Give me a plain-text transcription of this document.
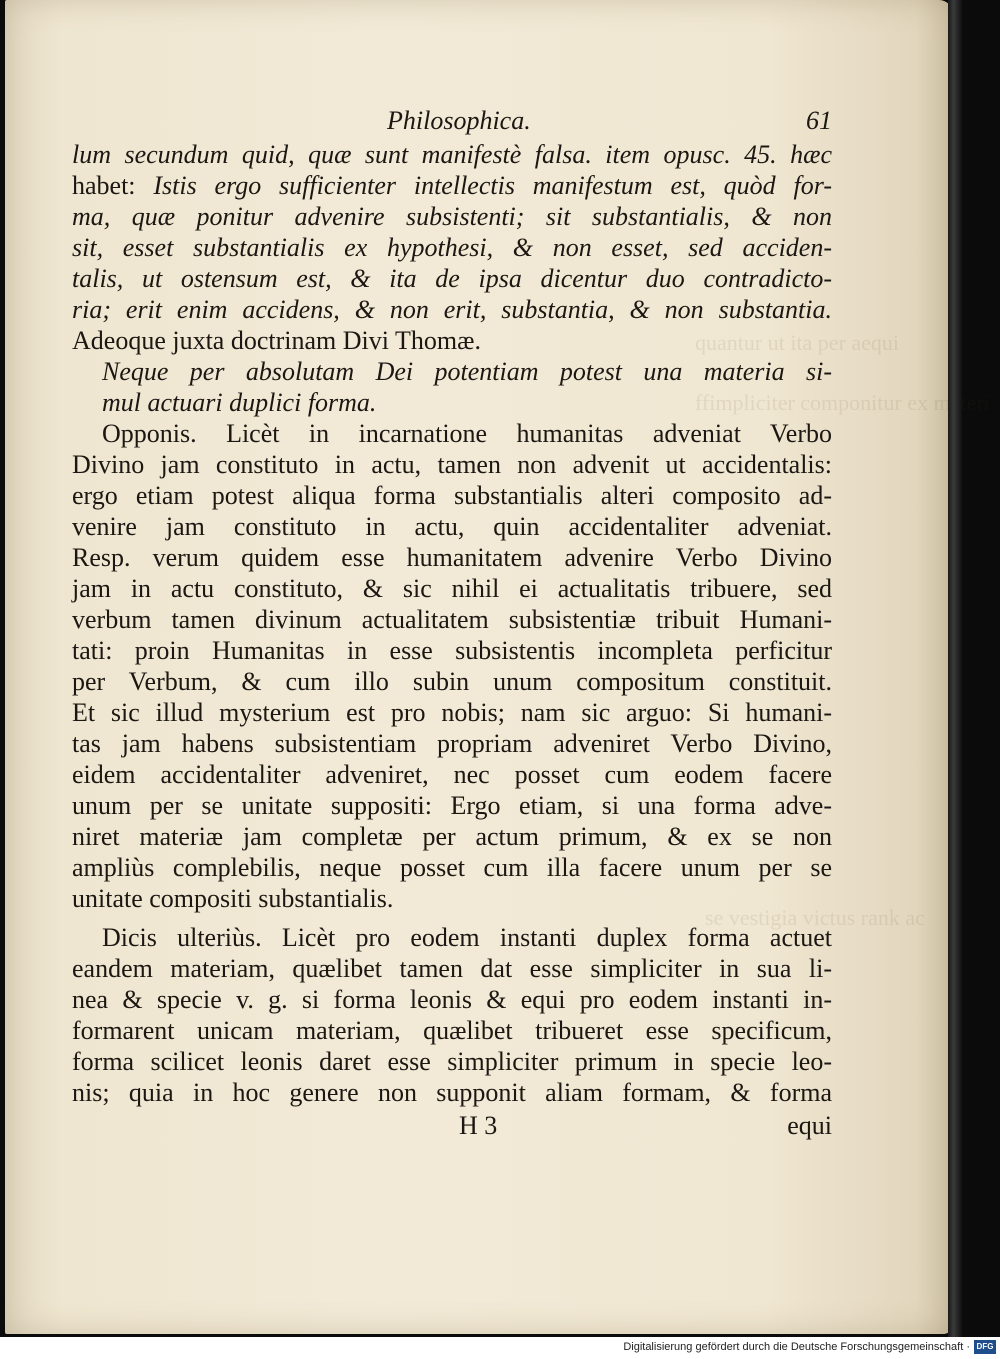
quantur ut ita per aequi
ffimpliciter componitur ex materi
se vestigia victus rank ac
Philosophica.	61
lum secundum quid, quæ sunt manifestè falsa. item opusc. 45. hæc
habet: Istis ergo sufficienter intellectis manifestum est, quòd for-
ma, quæ ponitur advenire subsistenti; sit substantialis, & non
sit, esset substantialis ex hypothesi, & non esset, sed acciden-
talis, ut ostensum est, & ita de ipsa dicentur duo contradicto-
ria; erit enim accidens, & non erit, substantia, & non substantia.
Adeoque juxta doctrinam Divi Thomæ.
Neque per absolutam Dei potentiam potest una materia si-
mul actuari duplici forma.
Opponis. Licèt in incarnatione humanitas adveniat Verbo
Divino jam constituto in actu, tamen non advenit ut accidentalis:
ergo etiam potest aliqua forma substantialis alteri composito ad-
venire jam constituto in actu, quin accidentaliter adveniat.
Resp. verum quidem esse humanitatem advenire Verbo Divino
jam in actu constituto, & sic nihil ei actualitatis tribuere, sed
verbum tamen divinum actualitatem subsistentiæ tribuit Humani-
tati: proin Humanitas in esse subsistentis incompleta perficitur
per Verbum, & cum illo subin unum compositum constituit.
Et sic illud mysterium est pro nobis; nam sic arguo: Si humani-
tas jam habens subsistentiam propriam adveniret Verbo Divino,
eidem accidentaliter adveniret, nec posset cum eodem facere
unum per se unitate suppositi: Ergo etiam, si una forma adve-
niret materiæ jam completæ per actum primum, & ex se non
ampliùs complebilis, neque posset cum illa facere unum per se
unitate compositi substantialis.
Dicis ulteriùs. Licèt pro eodem instanti duplex forma actuet
eandem materiam, quælibet tamen dat esse simpliciter in sua li-
nea & specie v. g. si forma leonis & equi pro eodem instanti in-
formarent unicam materiam, quælibet tribueret esse specificum,
forma scilicet leonis daret esse simpliciter primum in specie leo-
nis; quia in hoc genere non supponit aliam formam, & forma
H 3	equi
Digitalisierung gefördert durch die Deutsche Forschungsgemeinschaft · DFG
